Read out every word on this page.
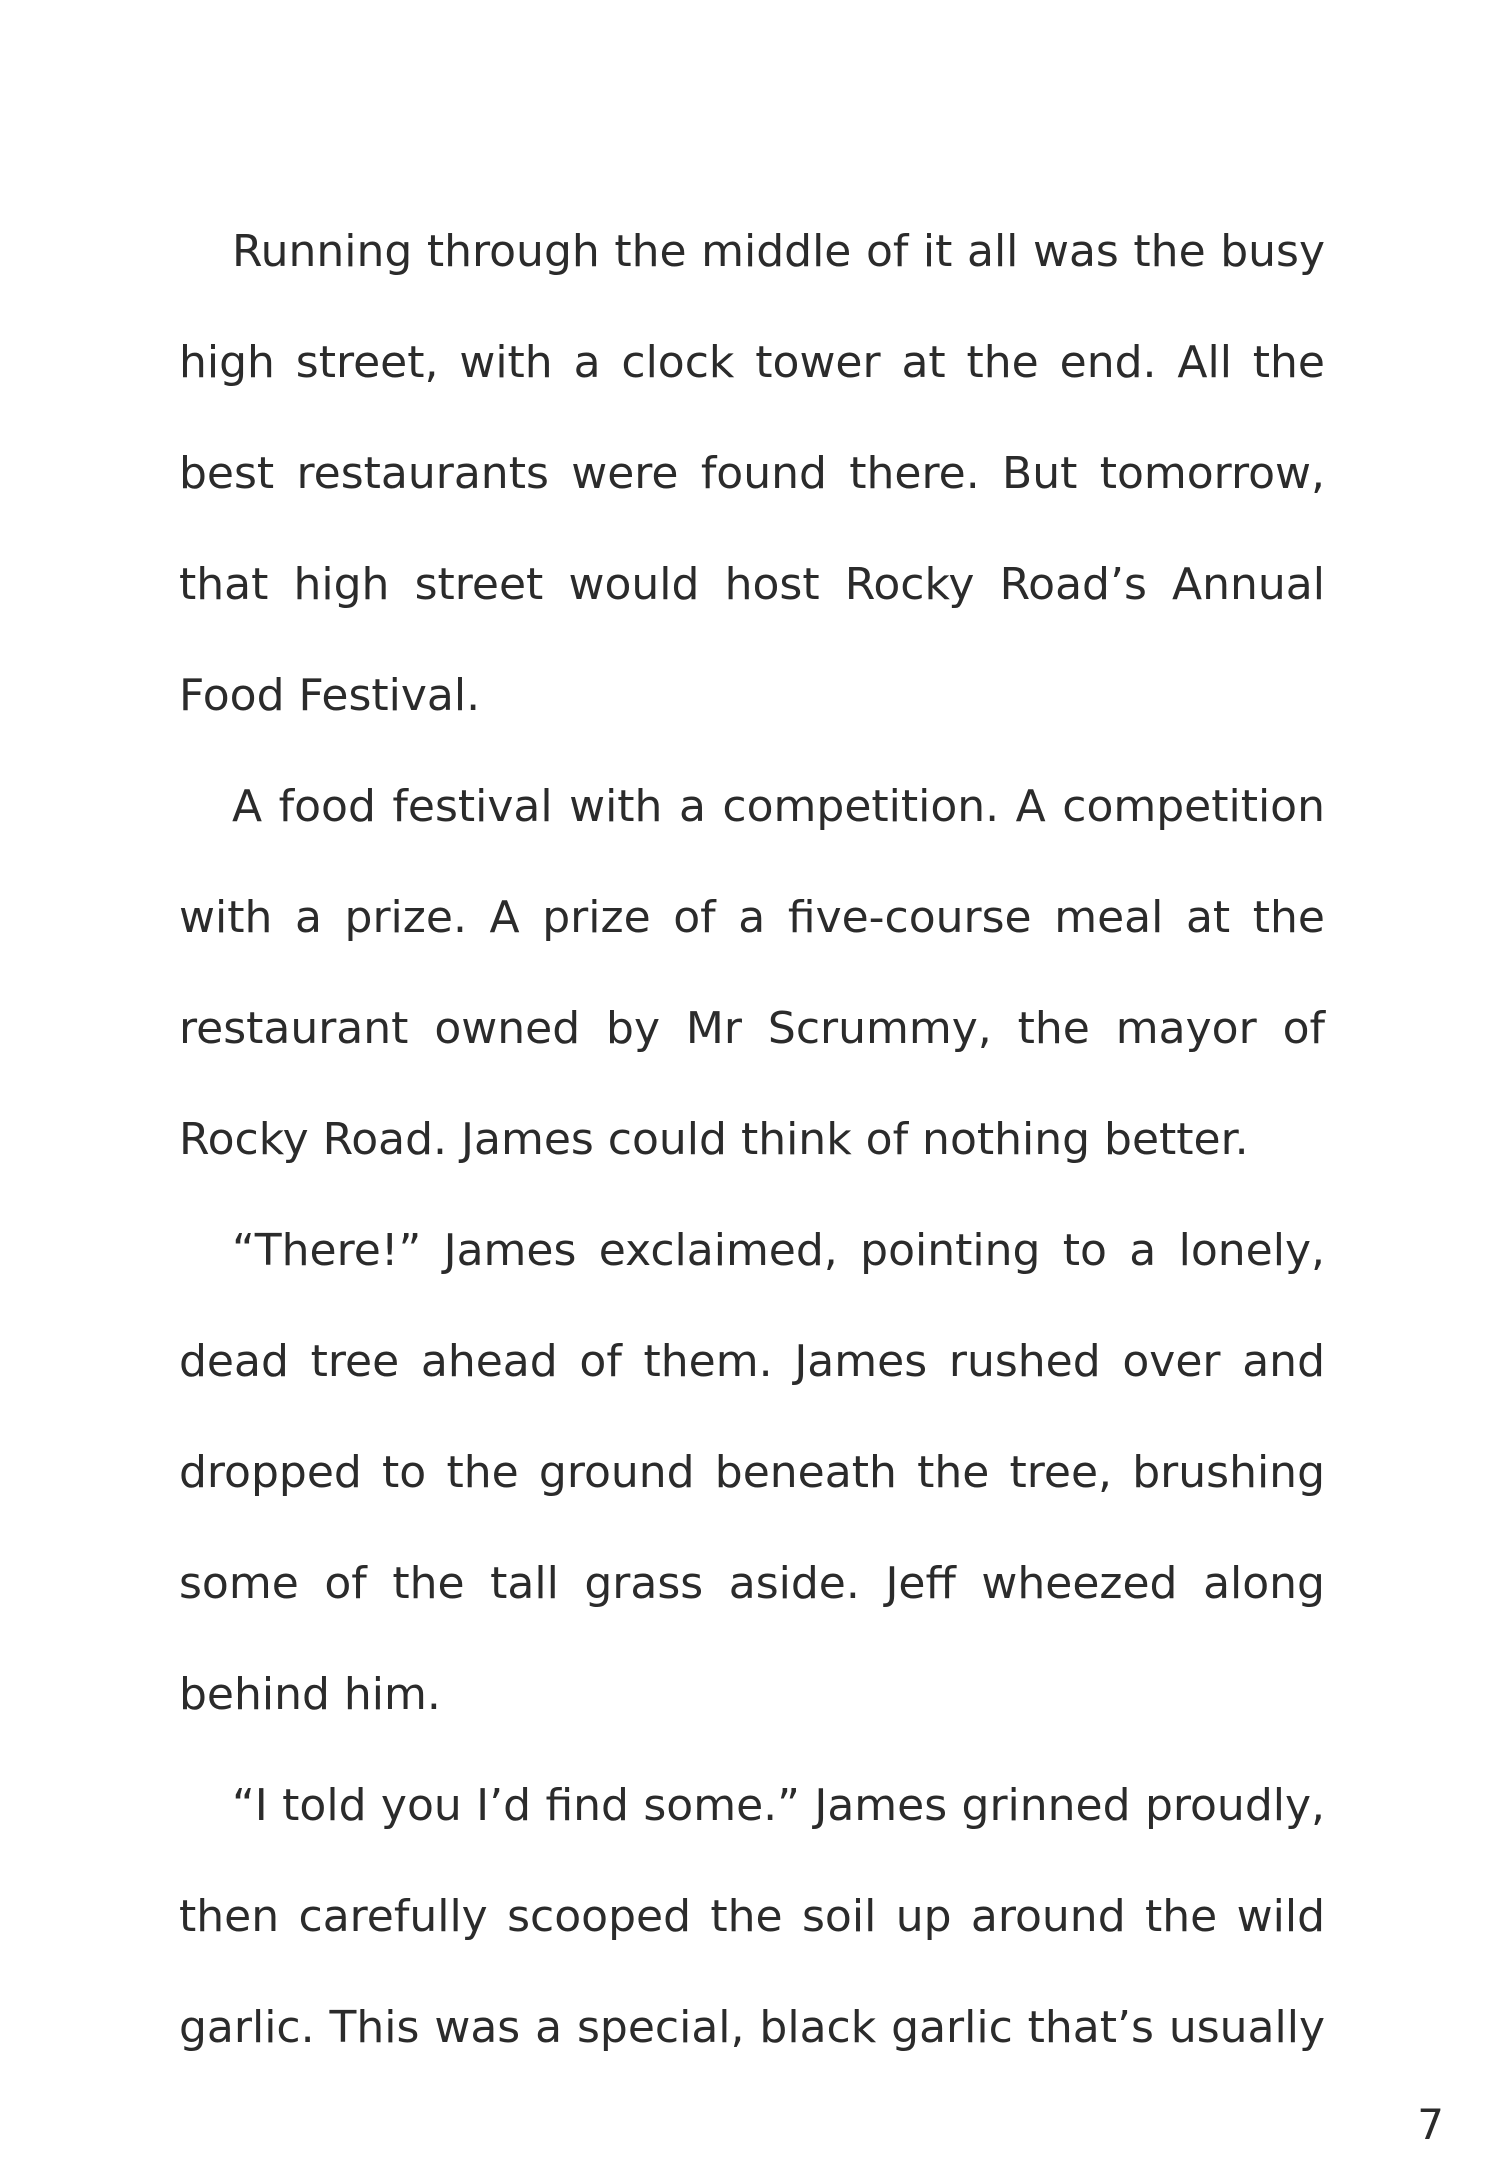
Running through the middle of it all was the busy high street, with a clock tower at the end. All the best restaurants were found there. But tomorrow, that high street would host Rocky Road’s Annual Food Festival.

A food festival with a competition. A competition with a prize. A prize of a five-course meal at the restaurant owned by Mr Scrummy, the mayor of Rocky Road. James could think of nothing better.

“There!” James exclaimed, pointing to a lonely, dead tree ahead of them. James rushed over and dropped to the ground beneath the tree, brushing some of the tall grass aside. Jeff wheezed along behind him.

“I told you I’d find some.” James grinned proudly, then carefully scooped the soil up around the wild garlic. This was a special, black garlic that’s usually

7
